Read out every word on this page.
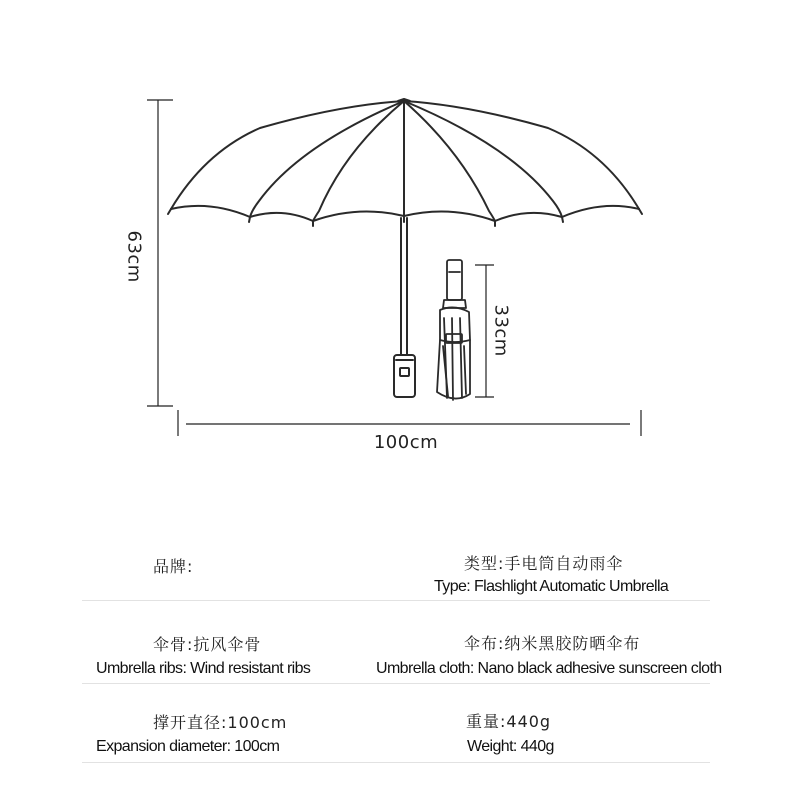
63cm
33cm
100cm
品牌:	类型:手电筒自动雨伞
Type: Flashlight Automatic Umbrella
伞骨:抗风伞骨
Umbrella ribs: Wind resistant ribs
伞布:纳米黑胶防晒伞布
Umbrella cloth: Nano black adhesive sunscreen cloth
撑开直径:100cm
Expansion diameter: 100cm
重量:440g
Weight: 440g
